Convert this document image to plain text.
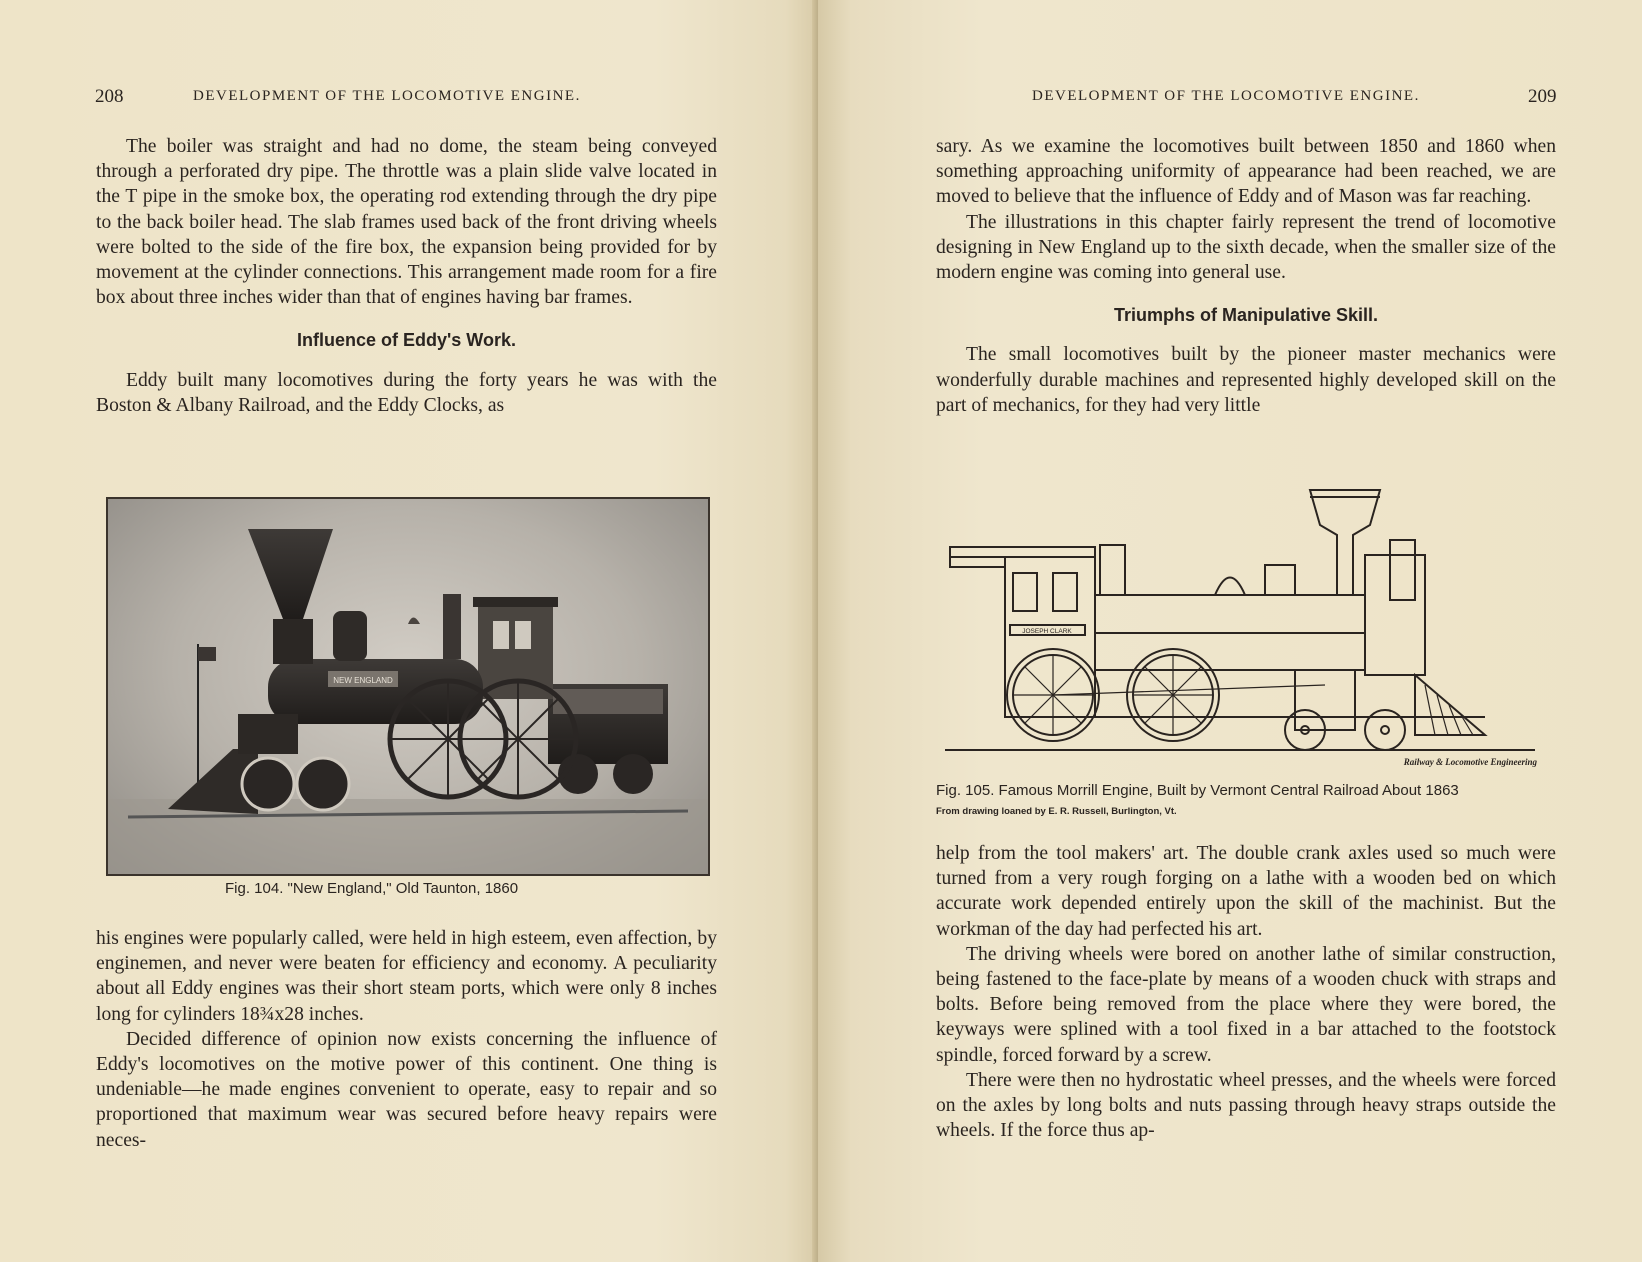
208	DEVELOPMENT OF THE LOCOMOTIVE ENGINE.

The boiler was straight and had no dome, the steam being conveyed through a perforated dry pipe. The throttle was a plain slide valve located in the T pipe in the smoke box, the operating rod extending through the dry pipe to the back boiler head. The slab frames used back of the front driving wheels were bolted to the side of the fire box, the expansion being provided for by movement at the cylinder connections. This arrangement made room for a fire box about three inches wider than that of engines having bar frames.

Influence of Eddy's Work.

Eddy built many locomotives during the forty years he was with the Boston & Albany Railroad, and the Eddy Clocks, as

NEW ENGLAND
Fig. 104. "New England," Old Taunton, 1860

his engines were popularly called, were held in high esteem, even affection, by enginemen, and never were beaten for efficiency and economy. A peculiarity about all Eddy engines was their short steam ports, which were only 8 inches long for cylinders 18¾x28 inches.

Decided difference of opinion now exists concerning the influence of Eddy's locomotives on the motive power of this continent. One thing is undeniable—he made engines convenient to operate, easy to repair and so proportioned that maximum wear was secured before heavy repairs were neces-

DEVELOPMENT OF THE LOCOMOTIVE ENGINE.	209

sary. As we examine the locomotives built between 1850 and 1860 when something approaching uniformity of appearance had been reached, we are moved to believe that the influence of Eddy and of Mason was far reaching.

The illustrations in this chapter fairly represent the trend of locomotive designing in New England up to the sixth decade, when the smaller size of the modern engine was coming into general use.

Triumphs of Manipulative Skill.

The small locomotives built by the pioneer master mechanics were wonderfully durable machines and represented highly developed skill on the part of mechanics, for they had very little

help from the tool makers' art. The double crank axles used so much were turned from a very rough forging on a lathe with a wooden bed on which accurate work depended entirely upon the skill of the machinist. But the workman of the day had perfected his art.

The driving wheels were bored on another lathe of similar construction, being fastened to the face-plate by means of a wooden chuck with straps and bolts. Before being removed from the place where they were bored, the keyways were splined with a tool fixed in a bar attached to the footstock spindle, forced forward by a screw.

There were then no hydrostatic wheel presses, and the wheels were forced on the axles by long bolts and nuts passing through heavy straps outside the wheels. If the force thus ap-

Fig. 105. Famous Morrill Engine, Built by Vermont Central Railroad About 1863
From drawing loaned by E. R. Russell, Burlington, Vt.
JOSEPH CLARK
Railway & Locomotive Engineering
